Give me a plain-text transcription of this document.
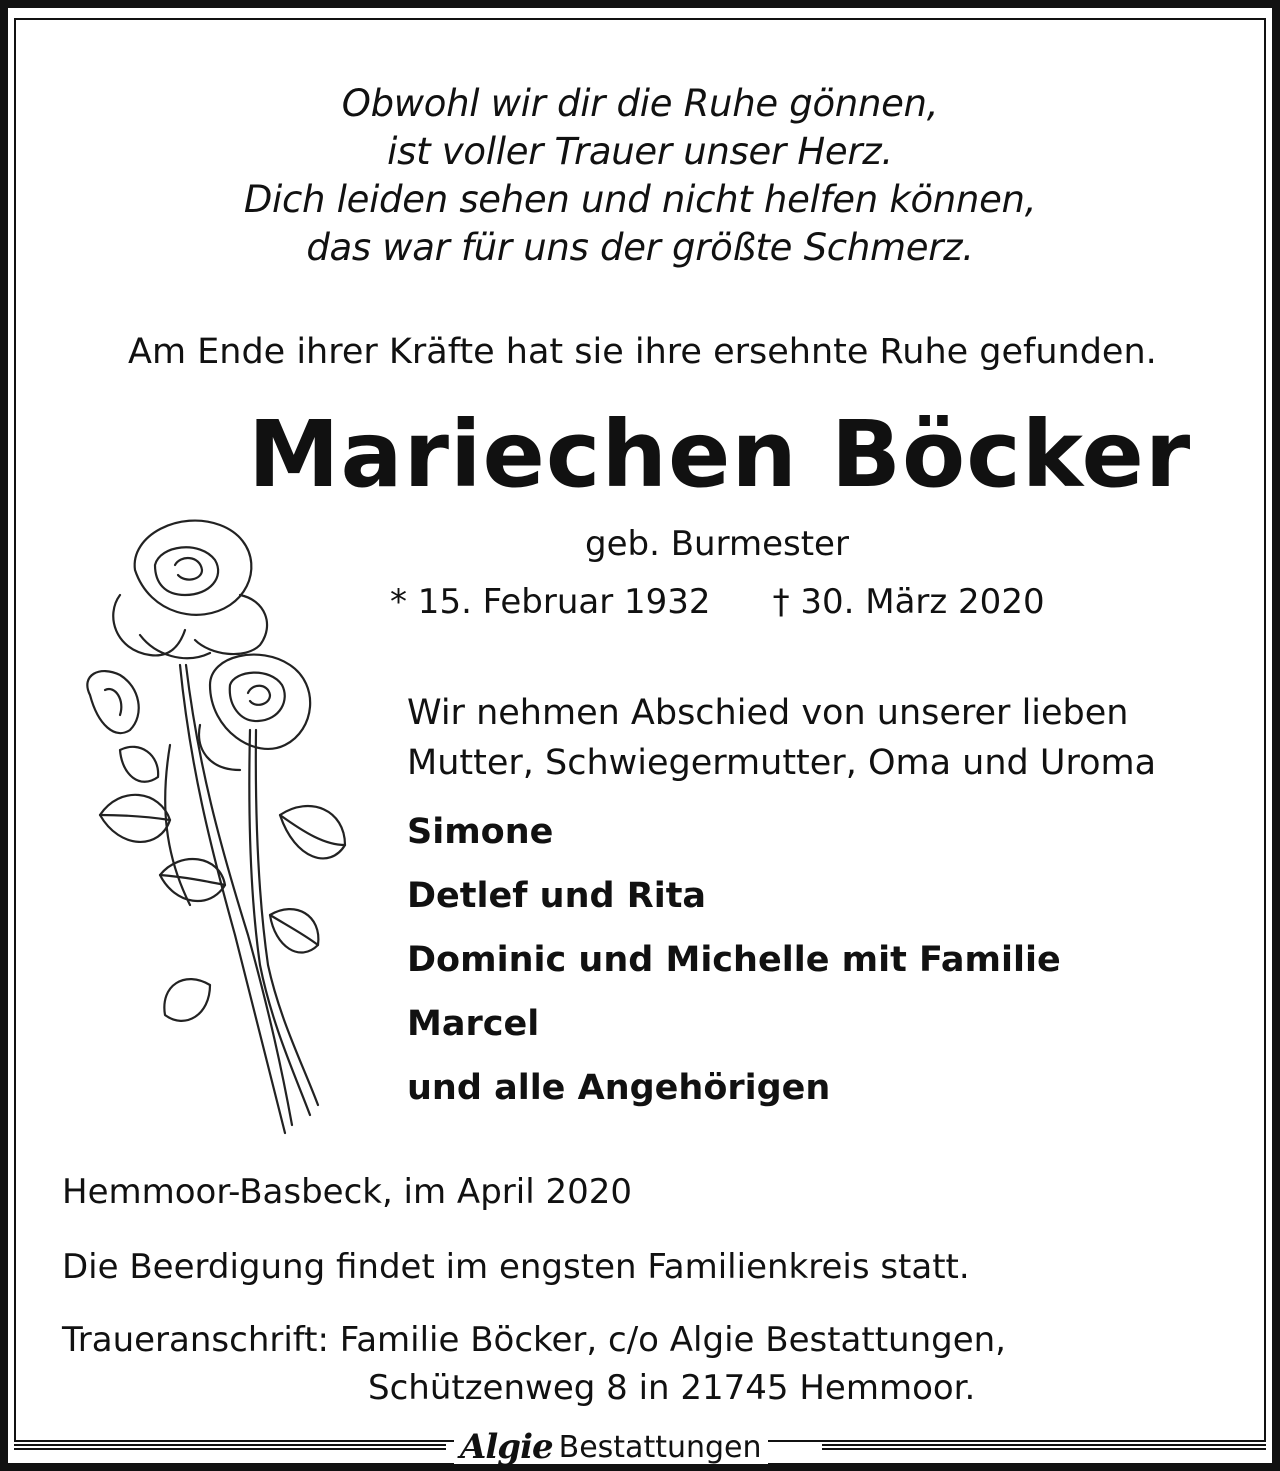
Obwohl wir dir die Ruhe gönnen,
ist voller Trauer unser Herz.
Dich leiden sehen und nicht helfen können,
das war für uns der größte Schmerz.
Am Ende ihrer Kräfte hat sie ihre ersehnte Ruhe gefunden.
Mariechen Böcker
geb. Burmester
* 15. Februar 1932 † 30. März 2020
Wir nehmen Abschied von unserer lieben
Mutter, Schwiegermutter, Oma und Uroma
Simone
Detlef und Rita
Dominic und Michelle mit Familie
Marcel
und alle Angehörigen
Hemmoor-Basbeck, im April 2020
Die Beerdigung findet im engsten Familienkreis statt.
Traueranschrift: Familie Böcker, c/o Algie Bestattungen,
Schützenweg 8 in 21745 Hemmoor.
Algie Bestattungen
